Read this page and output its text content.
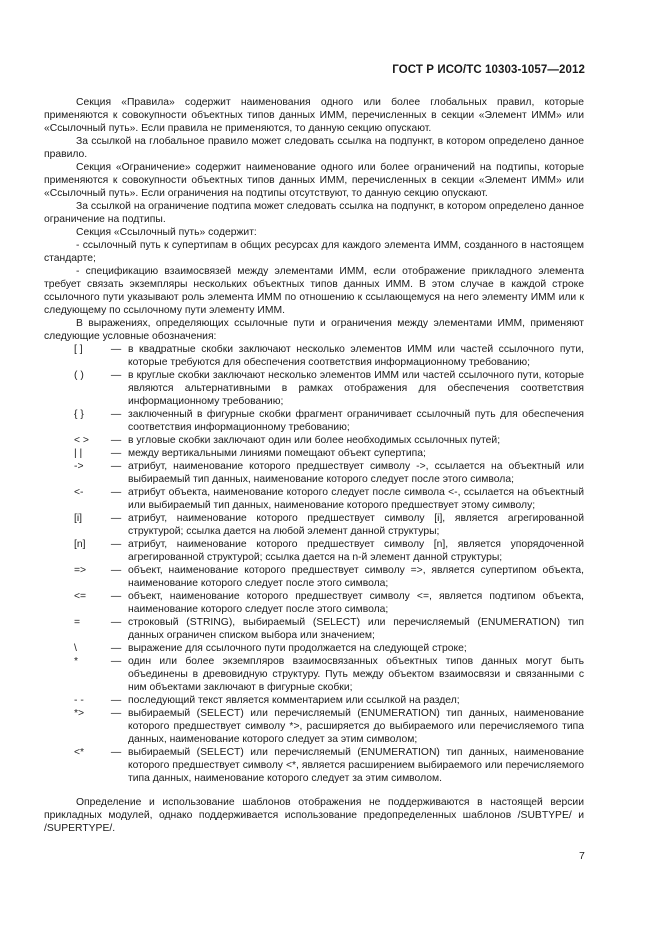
ГОСТ Р ИСО/ТС 10303-1057—2012

Секция «Правила» содержит наименования одного или более глобальных правил, которые применяются к совокупности объектных типов данных ИММ, перечисленных в секции «Элемент ИММ» или «Ссылочный путь». Если правила не применяются, то данную секцию опускают.

За ссылкой на глобальное правило может следовать ссылка на подпункт, в котором определено данное правило.

Секция «Ограничение» содержит наименование одного или более ограничений на подтипы, которые применяются к совокупности объектных типов данных ИММ, перечисленных в секции «Элемент ИММ» или «Ссылочный путь». Если ограничения на подтипы отсутствуют, то данную секцию опускают.

За ссылкой на ограничение подтипа может следовать ссылка на подпункт, в котором определено данное ограничение на подтипы.

Секция «Ссылочный путь» содержит:

- ссылочный путь к супертипам в общих ресурсах для каждого элемента ИММ, созданного в настоящем стандарте;

- спецификацию взаимосвязей между элементами ИММ, если отображение прикладного элемента требует связать экземпляры нескольких объектных типов данных ИММ. В этом случае в каждой строке ссылочного пути указывают роль элемента ИММ по отношению к ссылающемуся на него элементу ИММ или к следующему по ссылочному пути элементу ИММ.

В выражениях, определяющих ссылочные пути и ограничения между элементами ИММ, применяют следующие условные обозначения:

[ ]	— в квадратные скобки заключают несколько элементов ИММ или частей ссылочного пути, которые требуются для обеспечения соответствия информационному требованию;
( )	— в круглые скобки заключают несколько элементов ИММ или частей ссылочного пути, которые являются альтернативными в рамках отображения для обеспечения соответствия информационному требованию;
{ }	— заключенный в фигурные скобки фрагмент ограничивает ссылочный путь для обеспечения соответствия информационному требованию;
< >	— в угловые скобки заключают один или более необходимых ссылочных путей;
| |	— между вертикальными линиями помещают объект супертипа;
->	— атрибут, наименование которого предшествует символу ->, ссылается на объектный или выбираемый тип данных, наименование которого следует после этого символа;
<-	— атрибут объекта, наименование которого следует после символа <-, ссылается на объектный или выбираемый тип данных, наименование которого предшествует этому символу;
[i]	— атрибут, наименование которого предшествует символу [i], является агрегированной структурой; ссылка дается на любой элемент данной структуры;
[n]	— атрибут, наименование которого предшествует символу [n], является упорядоченной агрегированной структурой; ссылка дается на n-й элемент данной структуры;
=>	— объект, наименование которого предшествует символу =>, является супертипом объекта, наименование которого следует после этого символа;
<=	— объект, наименование которого предшествует символу <=, является подтипом объекта, наименование которого следует после этого символа;
=	— строковый (STRING), выбираемый (SELECT) или перечисляемый (ENUMERATION) тип данных ограничен списком выбора или значением;
\	— выражение для ссылочного пути продолжается на следующей строке;
*	— один или более экземпляров взаимосвязанных объектных типов данных могут быть объединены в древовидную структуру. Путь между объектом взаимосвязи и связанными с ним объектами заключают в фигурные скобки;
- -	— последующий текст является комментарием или ссылкой на раздел;
*>	— выбираемый (SELECT) или перечисляемый (ENUMERATION) тип данных, наименование которого предшествует символу *>, расширяется до выбираемого или перечисляемого типа данных, наименование которого следует за этим символом;
<*	— выбираемый (SELECT) или перечисляемый (ENUMERATION) тип данных, наименование которого предшествует символу <*, является расширением выбираемого или перечисляемого типа данных, наименование которого следует за этим символом.

Определение и использование шаблонов отображения не поддерживаются в настоящей версии прикладных модулей, однако поддерживается использование предопределенных шаблонов /SUBTYPE/ и /SUPERTYPE/.

7
